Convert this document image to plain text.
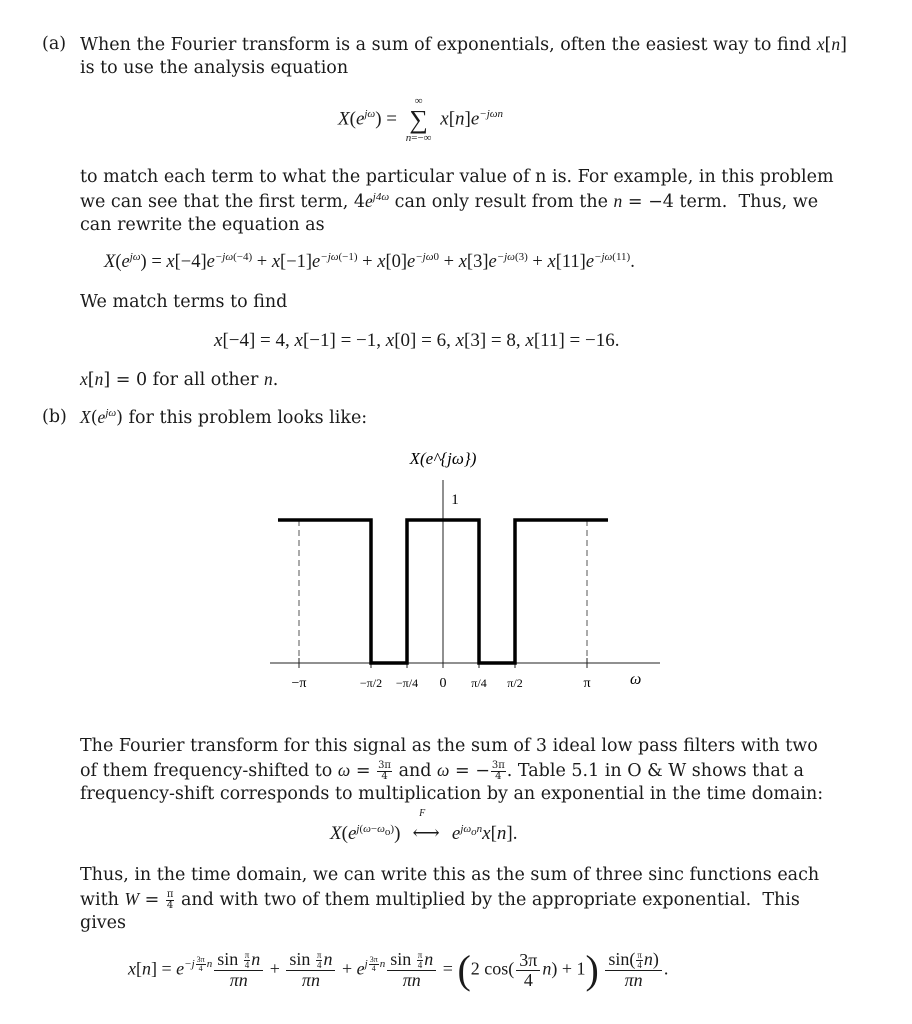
(a) When the Fourier transform is a sum of exponentials, often the easiest way to find x[n]
is to use the analysis equation
$X(e^{j\omega})$ =
∞
∑
n=−∞
$x[n]e^{-j\omega n}$
to match each term to what the particular value of n is. For example, in this problem
we can see that the first term, $4e^{j4\omega}$ can only result from the n = −4 term.  Thus, we
can rewrite the equation as
$X(e^{j\omega}) = x[-4]e^{-j\omega(-4)} + x[-1]e^{-j\omega(-1)} + x[0]e^{-j\omega 0} + x[3]e^{-j\omega(3)} + x[11]e^{-j\omega(11)}$.
We match terms to find
x[−4] = 4, x[−1] = −1, x[0] = 6, x[3] = 8, x[11] = −16.
x[n] = 0 for all other n.
(b) $X(e^{j\omega})$ for this problem looks like:
X(e^{jω})
1
−π	−π/2 −π/4 0 π/4 π/2	π ω
The Fourier transform for this signal as the sum of 3 ideal low pass filters with two
of them frequency-shifted to $\omega = \frac{3\pi}{4}$ and ω = − $\frac{3\pi}{4}$ . Table 5.1 in O & W shows that a
frequency-shift corresponds to multiplication by an exponential in the time domain:
$X(e^{j(\omega-\omega_o)})$
F
⟷ $e^{j\omega_on}x[n]$.
Thus, in the time domain, we can write this as the sum of three sinc functions each
with $W = \frac{\pi}{4}$ and with two of them multiplied by the appropriate exponential.  This
gives
$x[n] = e^{-j \frac{3\pi}{4} n} \frac{\sin \frac{\pi}{4} n}{\pi n} + \frac{\sin \frac{\pi}{4} n}{\pi n} + e^{j \frac{3\pi}{4} n} \frac{\sin \frac{\pi}{4} n}{\pi n} = (2$ $\cos( \frac{3\pi}{4} n) + 1) \frac{\sin( \frac{\pi}{4} n)}{\pi n}$ .
